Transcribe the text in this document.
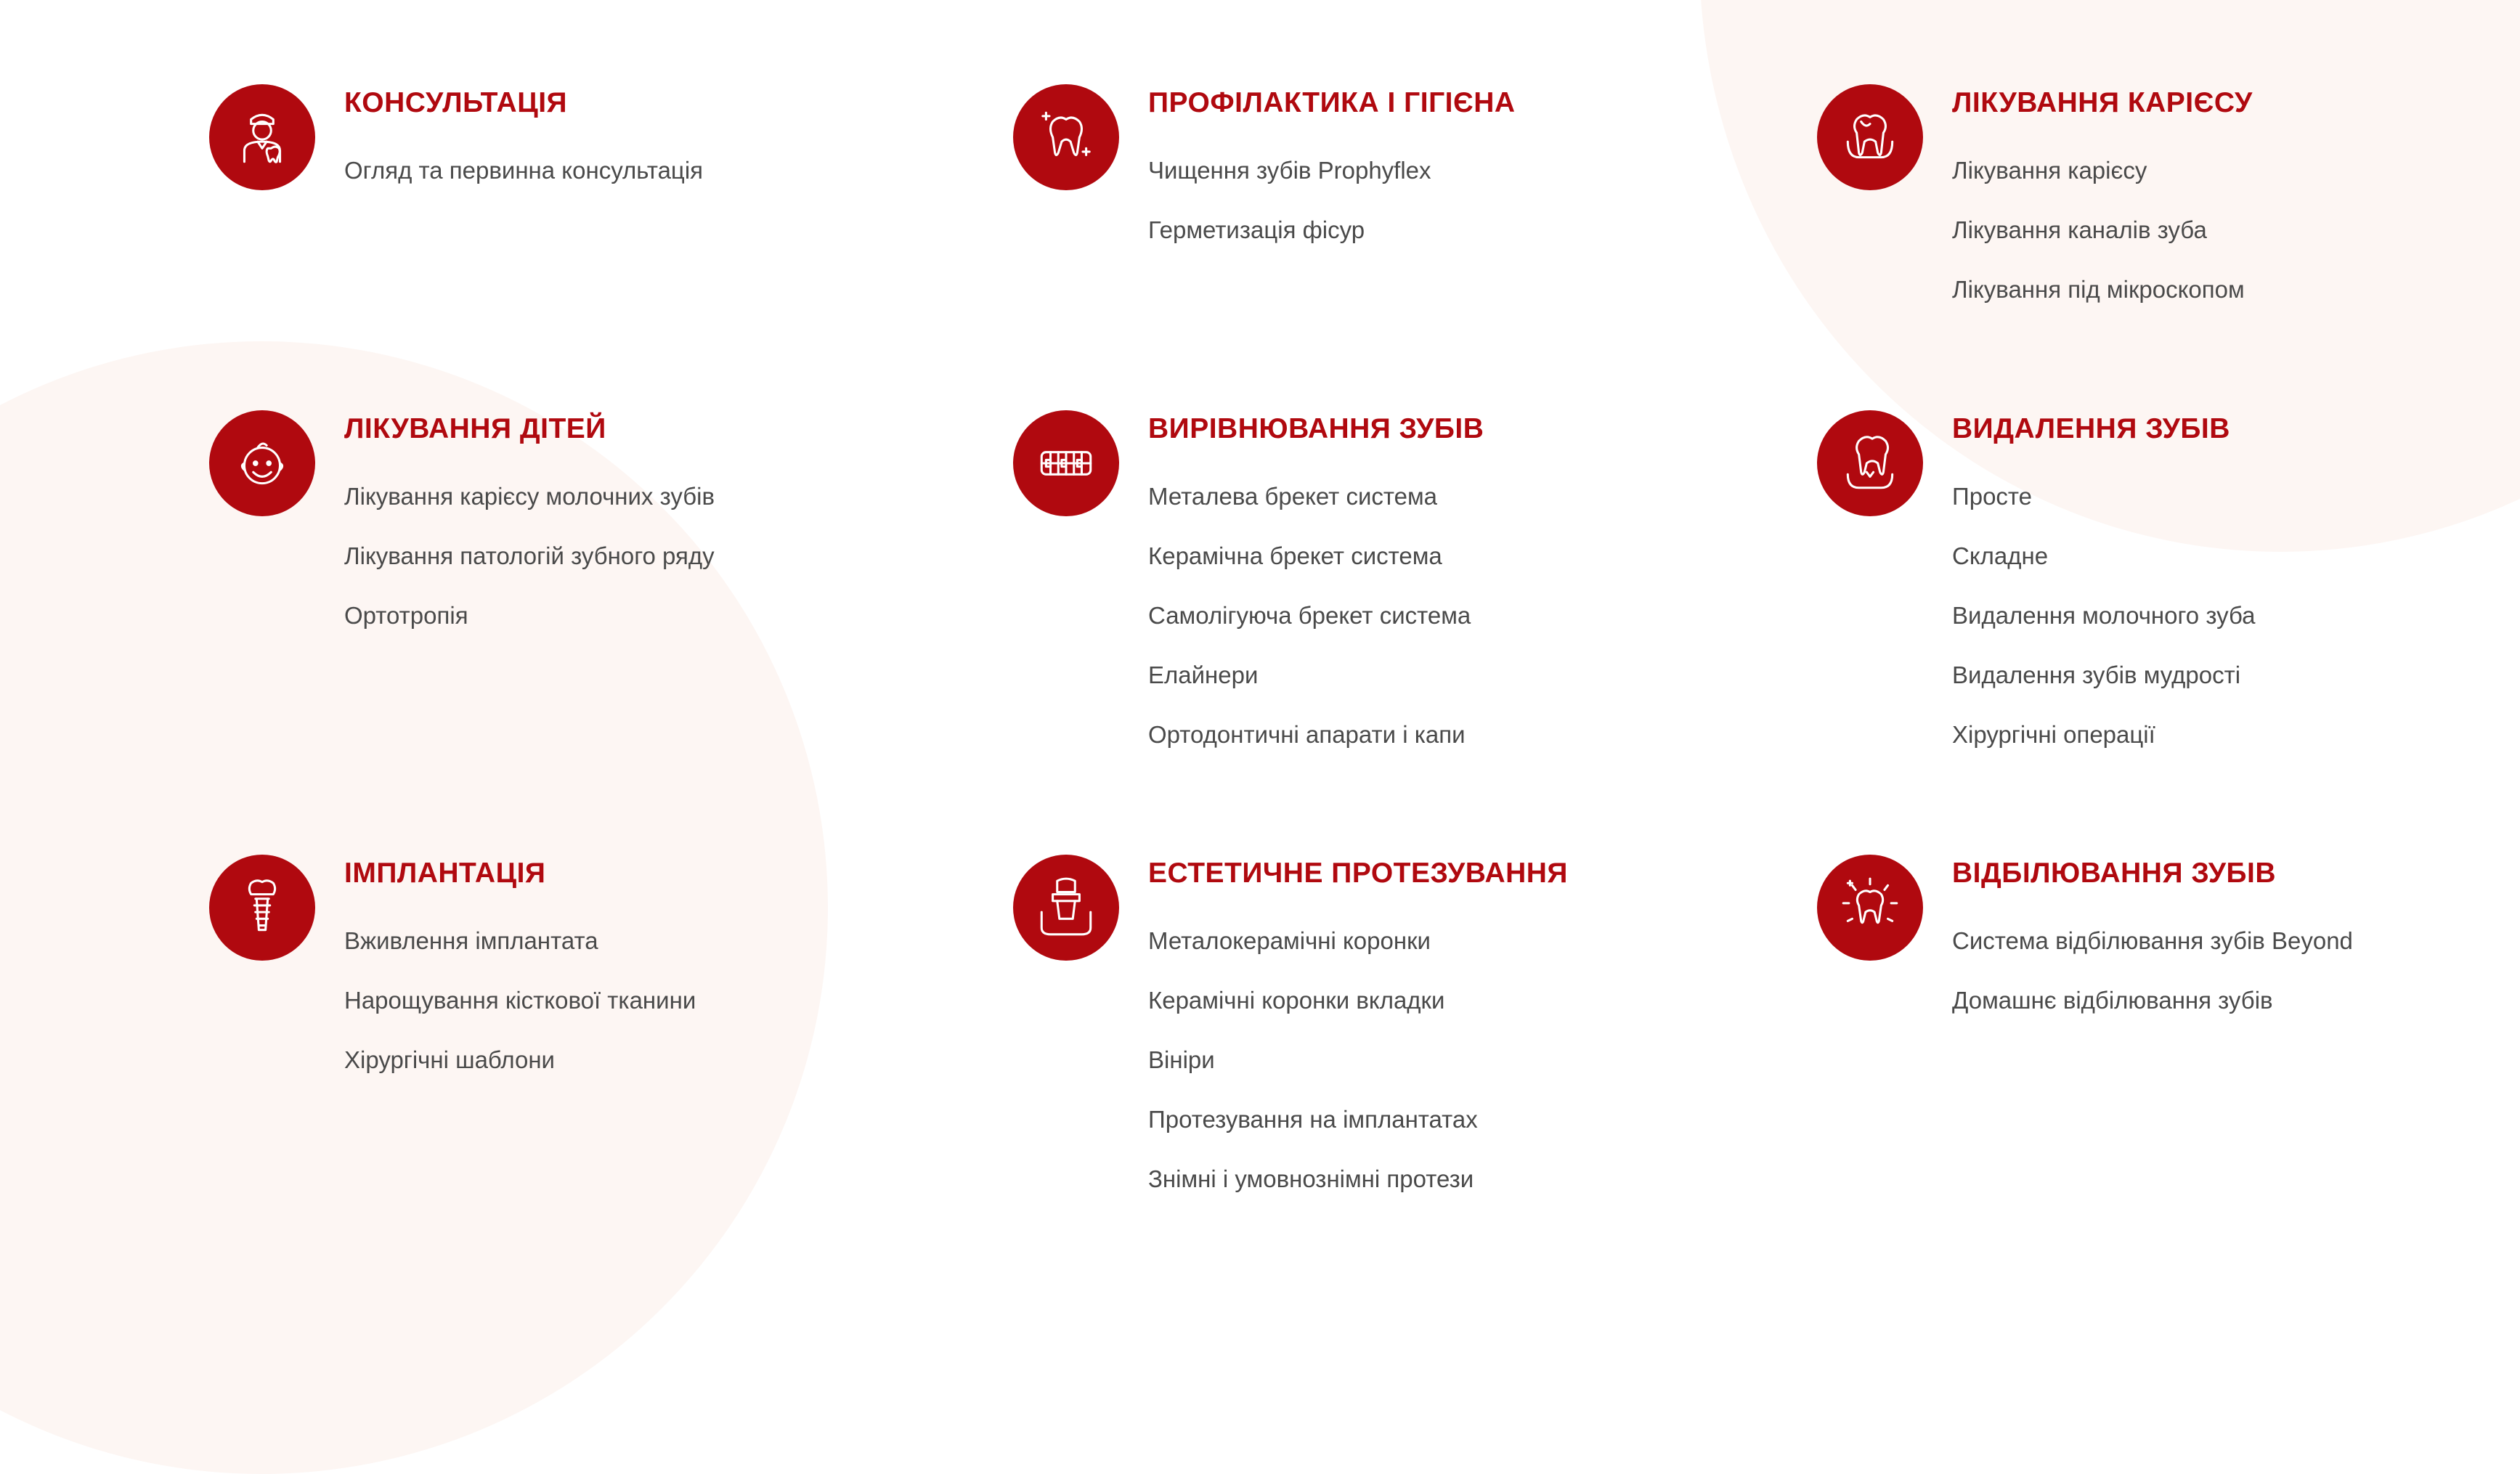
КОНСУЛЬТАЦІЯ
Огляд та первинна консультація
ПРОФІЛАКТИКА І ГІГІЄНА
Чищення зубів Prophyflex
Герметизація фісур
ЛІКУВАННЯ КАРІЄСУ
Лікування карієсу
Лікування каналів зуба
Лікування під мікроскопом
ЛІКУВАННЯ ДІТЕЙ
Лікування карієсу молочних зубів
Лікування патологій зубного ряду
Ортотропія
ВИРІВНЮВАННЯ ЗУБІВ
Металева брекет система
Керамічна брекет система
Самолігуюча брекет система
Елайнери
Ортодонтичні апарати і капи
ВИДАЛЕННЯ ЗУБІВ
Просте
Складне
Видалення молочного зуба
Видалення зубів мудрості
Хірургічні операції
ІМПЛАНТАЦІЯ
Вживлення імплантата
Нарощування кісткової тканини
Хірургічні шаблони
ЕСТЕТИЧНЕ ПРОТЕЗУВАННЯ
Металокерамічні коронки
Керамічні коронки вкладки
Вініри
Протезування на імплантатах
Знімні і умовнознімні протези
ВІДБІЛЮВАННЯ ЗУБІВ
Система відбілювання зубів Beyond
Домашнє відбілювання зубів
